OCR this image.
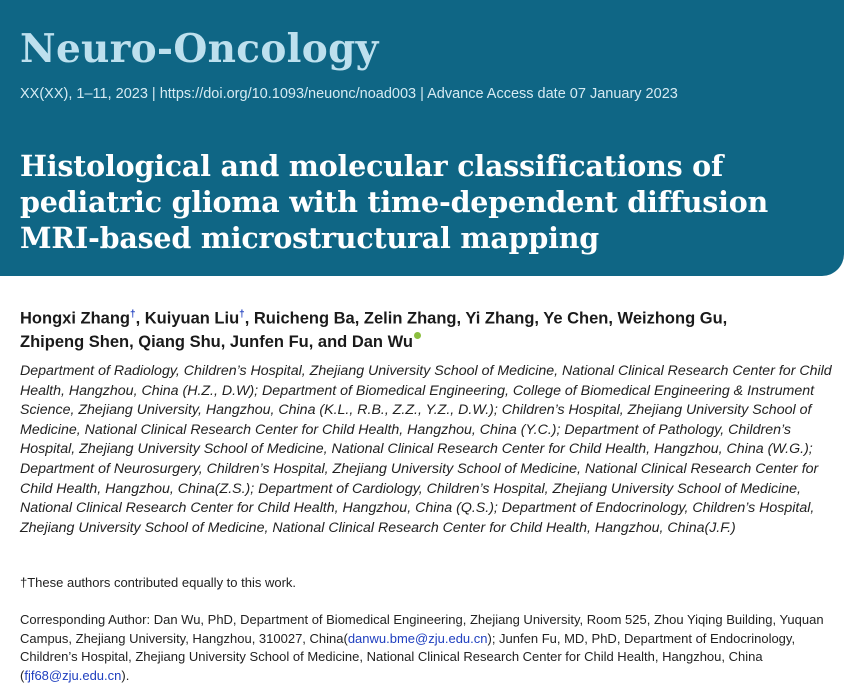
Neuro-Oncology
XX(XX), 1–11, 2023 | https://doi.org/10.1093/neuonc/noad003 | Advance Access date 07 January 2023
Histological and molecular classifications of pediatric glioma with time-dependent diffusion MRI-based microstructural mapping
Hongxi Zhang†, Kuiyuan Liu†, Ruicheng Ba, Zelin Zhang, Yi Zhang, Ye Chen, Weizhong Gu,
Zhipeng Shen, Qiang Shu, Junfen Fu, and Dan Wu
Department of Radiology, Children’s Hospital, Zhejiang University School of Medicine, National Clinical Research Center for Child Health, Hangzhou, China (H.Z., D.W); Department of Biomedical Engineering, College of Biomedical Engineering & Instrument Science, Zhejiang University, Hangzhou, China (K.L., R.B., Z.Z., Y.Z., D.W.); Children’s Hospital, Zhejiang University School of Medicine, National Clinical Research Center for Child Health, Hangzhou, China (Y.C.); Department of Pathology, Children’s Hospital, Zhejiang University School of Medicine, National Clinical Research Center for Child Health, Hangzhou, China (W.G.); Department of Neurosurgery, Children’s Hospital, Zhejiang University School of Medicine, National Clinical Research Center for Child Health, Hangzhou, China(Z.S.); Department of Cardiology, Children’s Hospital, Zhejiang University School of Medicine, National Clinical Research Center for Child Health, Hangzhou, China (Q.S.); Department of Endocrinology, Children’s Hospital, Zhejiang University School of Medicine, National Clinical Research Center for Child Health, Hangzhou, China(J.F.)
†These authors contributed equally to this work.
Corresponding Author: Dan Wu, PhD, Department of Biomedical Engineering, Zhejiang University, Room 525, Zhou Yiqing Building, Yuquan Campus, Zhejiang University, Hangzhou, 310027, China(danwu.bme@zju.edu.cn); Junfen Fu, MD, PhD, Department of Endocrinology, Children’s Hospital, Zhejiang University School of Medicine, National Clinical Research Center for Child Health, Hangzhou, China (fjf68@zju.edu.cn).
